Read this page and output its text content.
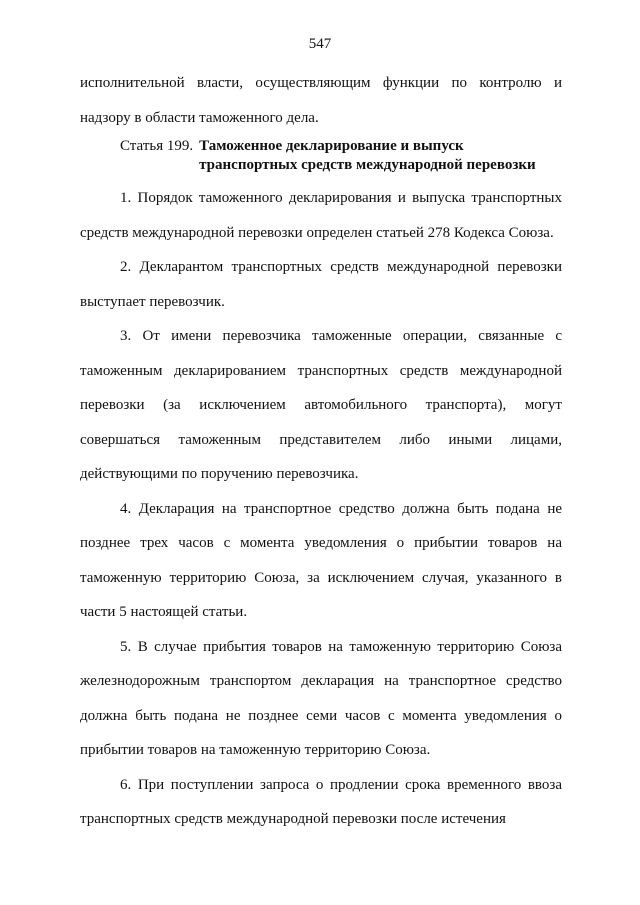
547

исполнительной власти, осуществляющим функции по контролю и надзору в области таможенного дела.

Статья 199. Таможенное декларирование и выпуск транспортных средств международной перевозки

1. Порядок таможенного декларирования и выпуска транспортных средств международной перевозки определен статьей 278 Кодекса Союза.

2. Декларантом транспортных средств международной перевозки выступает перевозчик.

3. От имени перевозчика таможенные операции, связанные с таможенным декларированием транспортных средств международной перевозки (за исключением автомобильного транспорта), могут совершаться таможенным представителем либо иными лицами, действующими по поручению перевозчика.

4. Декларация на транспортное средство должна быть подана не позднее трех часов с момента уведомления о прибытии товаров на таможенную территорию Союза, за исключением случая, указанного в части 5 настоящей статьи.

5. В случае прибытия товаров на таможенную территорию Союза железнодорожным транспортом декларация на транспортное средство должна быть подана не позднее семи часов с момента уведомления о прибытии товаров на таможенную территорию Союза.

6. При поступлении запроса о продлении срока временного ввоза транспортных средств международной перевозки после истечения
